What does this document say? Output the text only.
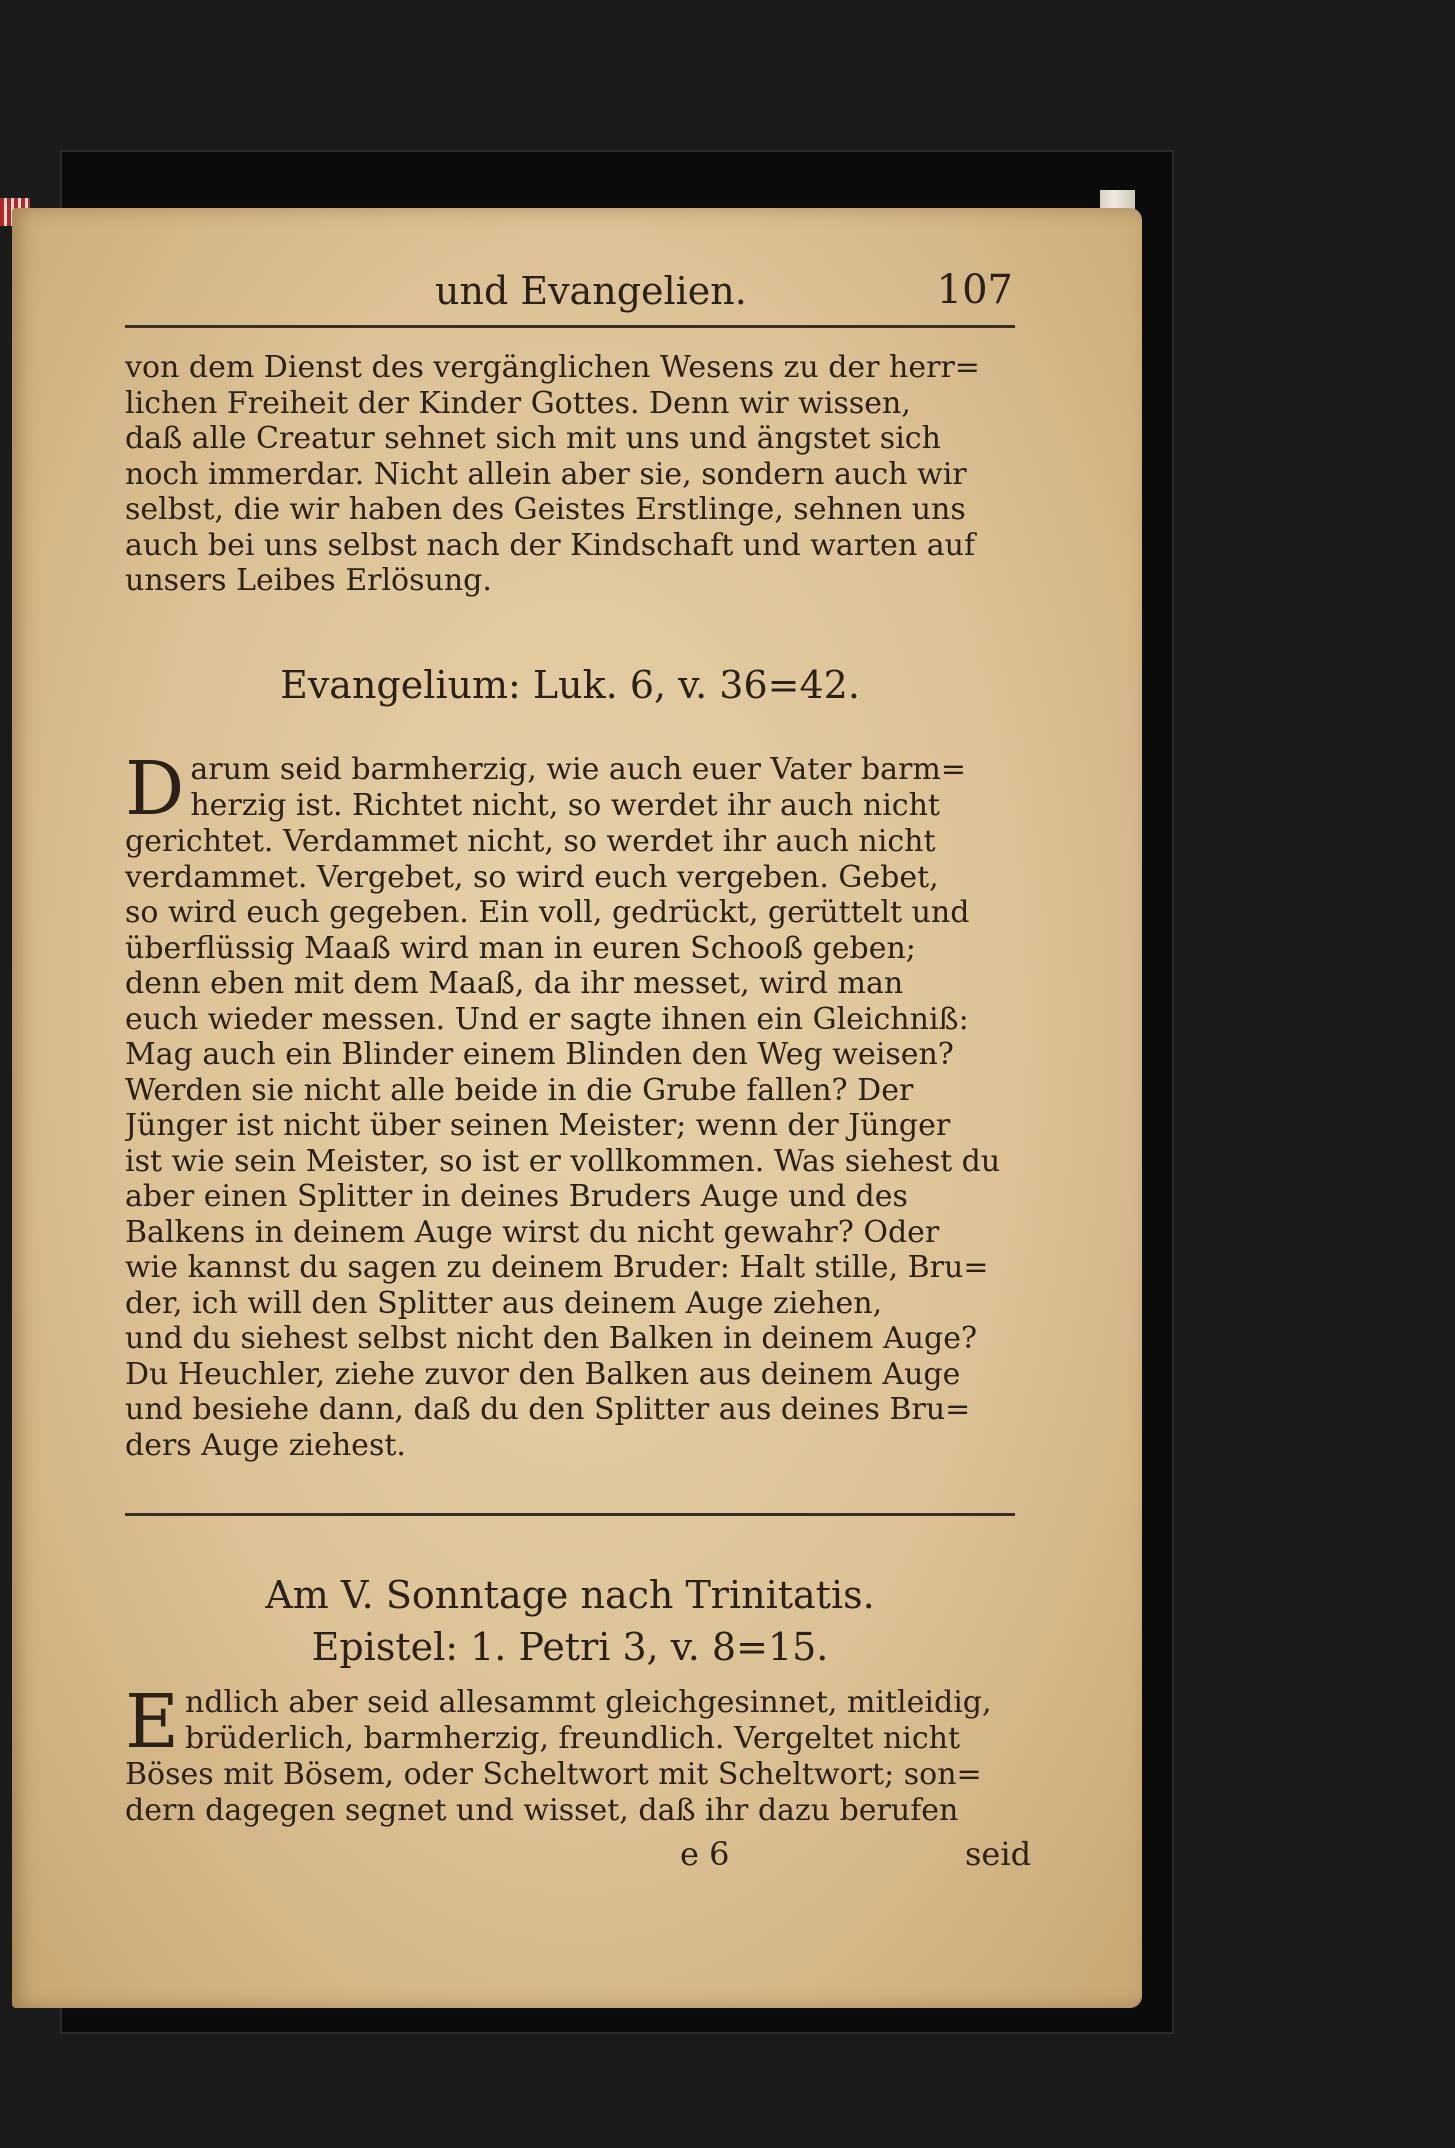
und Evangelien.	107
von dem Dienst des vergänglichen Wesens zu der herr=
lichen Freiheit der Kinder Gottes. Denn wir wissen,
daß alle Creatur sehnet sich mit uns und ängstet sich
noch immerdar. Nicht allein aber sie, sondern auch wir
selbst, die wir haben des Geistes Erstlinge, sehnen uns
auch bei uns selbst nach der Kindschaft und warten auf
unsers Leibes Erlösung.
Evangelium: Luk. 6, v. 36=42.
D arum seid barmherzig, wie auch euer Vater barm=
herzig ist. Richtet nicht, so werdet ihr auch nicht
gerichtet. Verdammet nicht, so werdet ihr auch nicht
verdammet. Vergebet, so wird euch vergeben. Gebet,
so wird euch gegeben. Ein voll, gedrückt, gerüttelt und
überflüssig Maaß wird man in euren Schooß geben;
denn eben mit dem Maaß, da ihr messet, wird man
euch wieder messen. Und er sagte ihnen ein Gleichniß:
Mag auch ein Blinder einem Blinden den Weg weisen?
Werden sie nicht alle beide in die Grube fallen? Der
Jünger ist nicht über seinen Meister; wenn der Jünger
ist wie sein Meister, so ist er vollkommen. Was siehest du
aber einen Splitter in deines Bruders Auge und des
Balkens in deinem Auge wirst du nicht gewahr? Oder
wie kannst du sagen zu deinem Bruder: Halt stille, Bru=
der, ich will den Splitter aus deinem Auge ziehen,
und du siehest selbst nicht den Balken in deinem Auge?
Du Heuchler, ziehe zuvor den Balken aus deinem Auge
und besiehe dann, daß du den Splitter aus deines Bru=
ders Auge ziehest.
Am V. Sonntage nach Trinitatis.
Epistel: 1. Petri 3, v. 8=15.
E ndlich aber seid allesammt gleichgesinnet, mitleidig,
brüderlich, barmherzig, freundlich. Vergeltet nicht
Böses mit Bösem, oder Scheltwort mit Scheltwort; son=
dern dagegen segnet und wisset, daß ihr dazu berufen
e 6	seid
